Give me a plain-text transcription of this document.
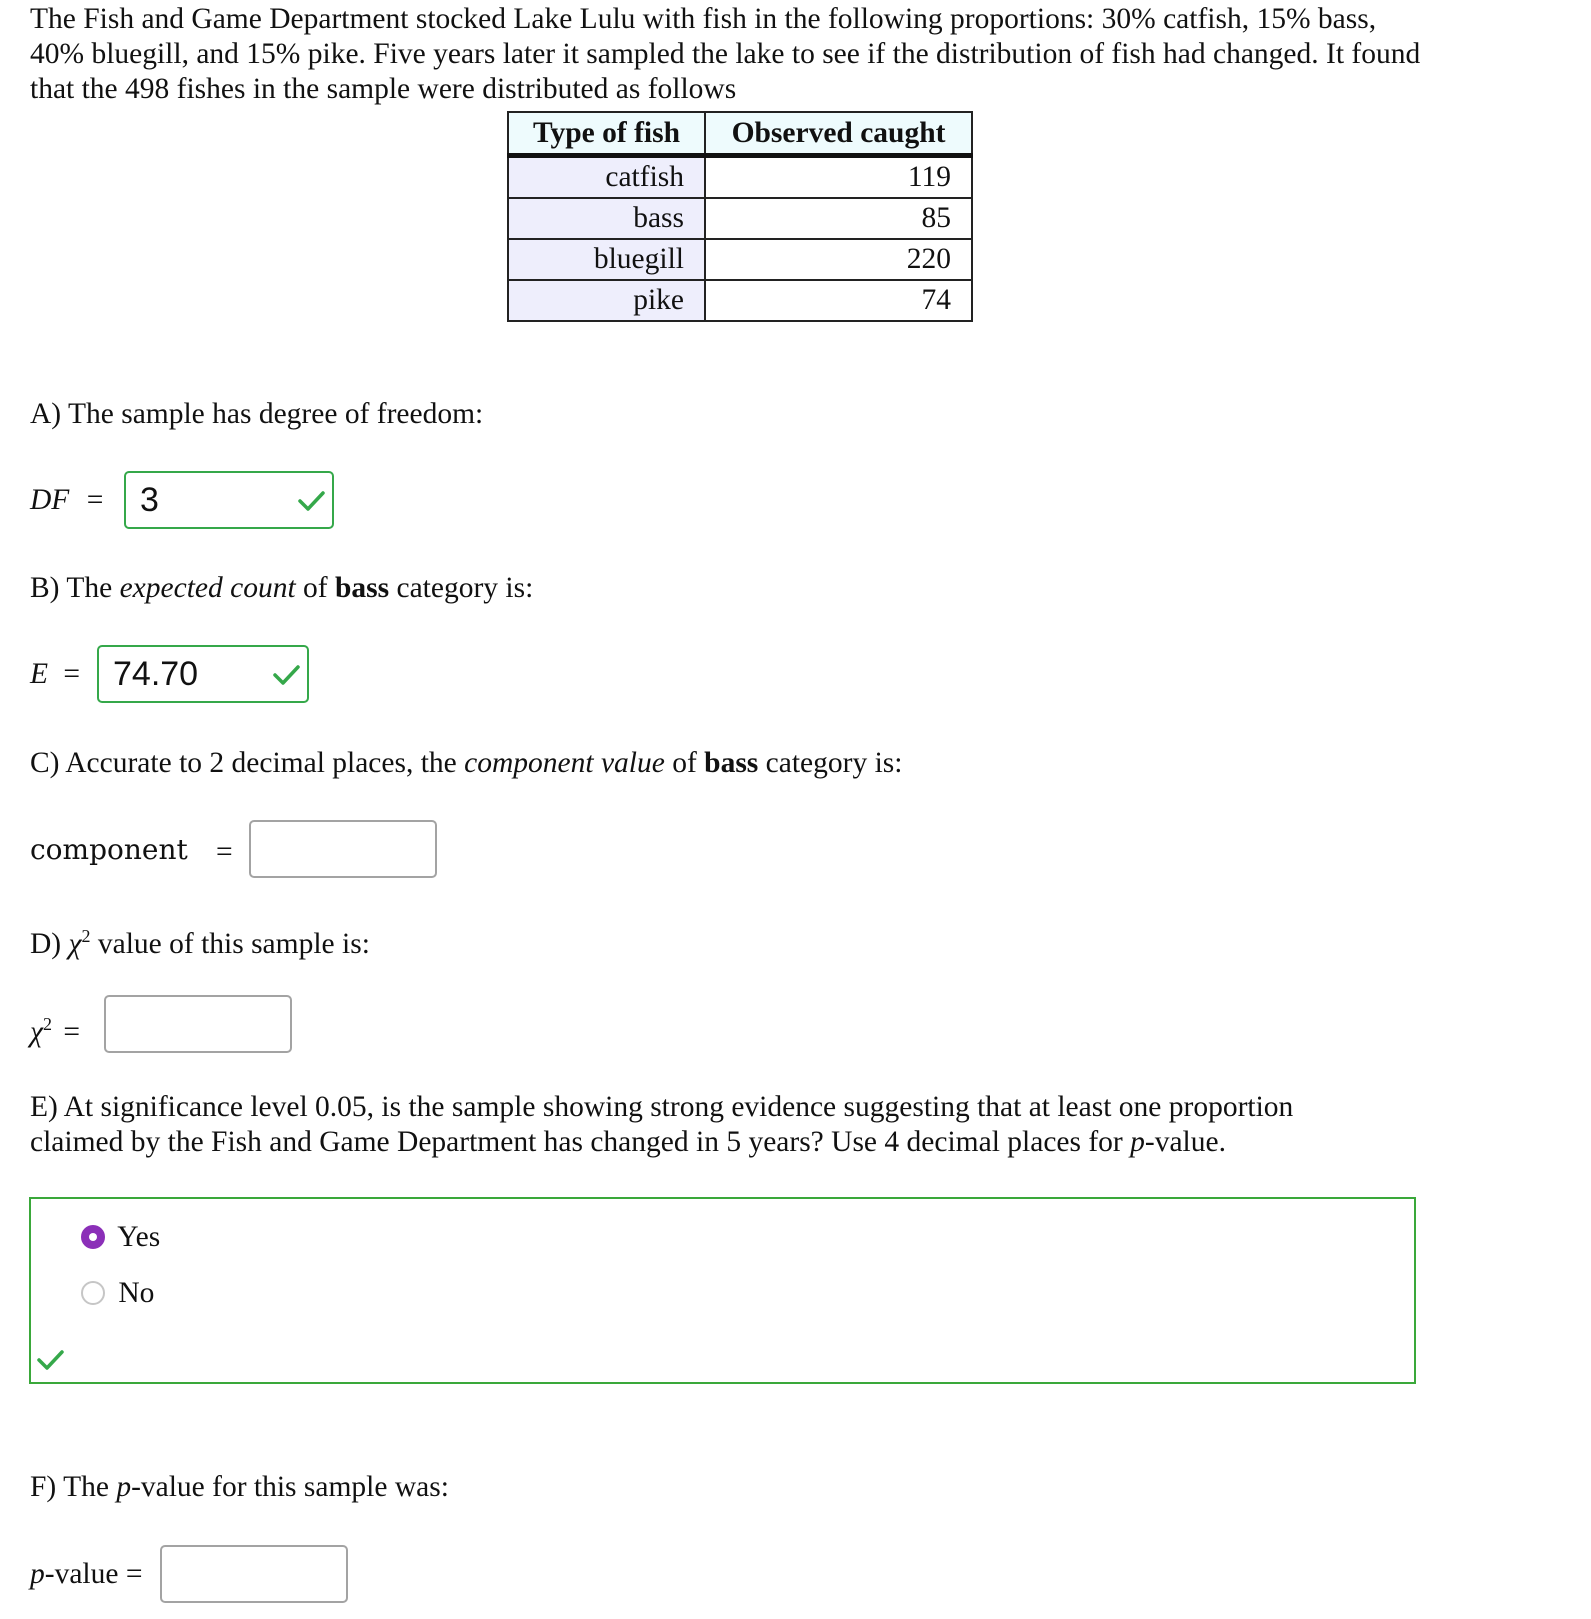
The Fish and Game Department stocked Lake Lulu with fish in the following proportions: 30% catfish, 15% bass, 40% bluegill, and 15% pike. Five years later it sampled the lake to see if the distribution of fish had changed. It found that the 498 fishes in the sample were distributed as follows
Type of fish	Observed caught
catfish	119
bass	85
bluegill	220
pike	74
A) The sample has degree of freedom:
DF =	3
B) The expected count of bass category is:
E = 74.70
C) Accurate to 2 decimal places, the component value of bass category is:
component =
D) $\chi^2$ value of this sample is:
$\chi^2$ =
E) At significance level 0.05, is the sample showing strong evidence suggesting that at least one proportion
claimed by the Fish and Game Department has changed in 5 years? Use 4 decimal places for p-value.
Yes
No
F) The p-value for this sample was:
p-value =
